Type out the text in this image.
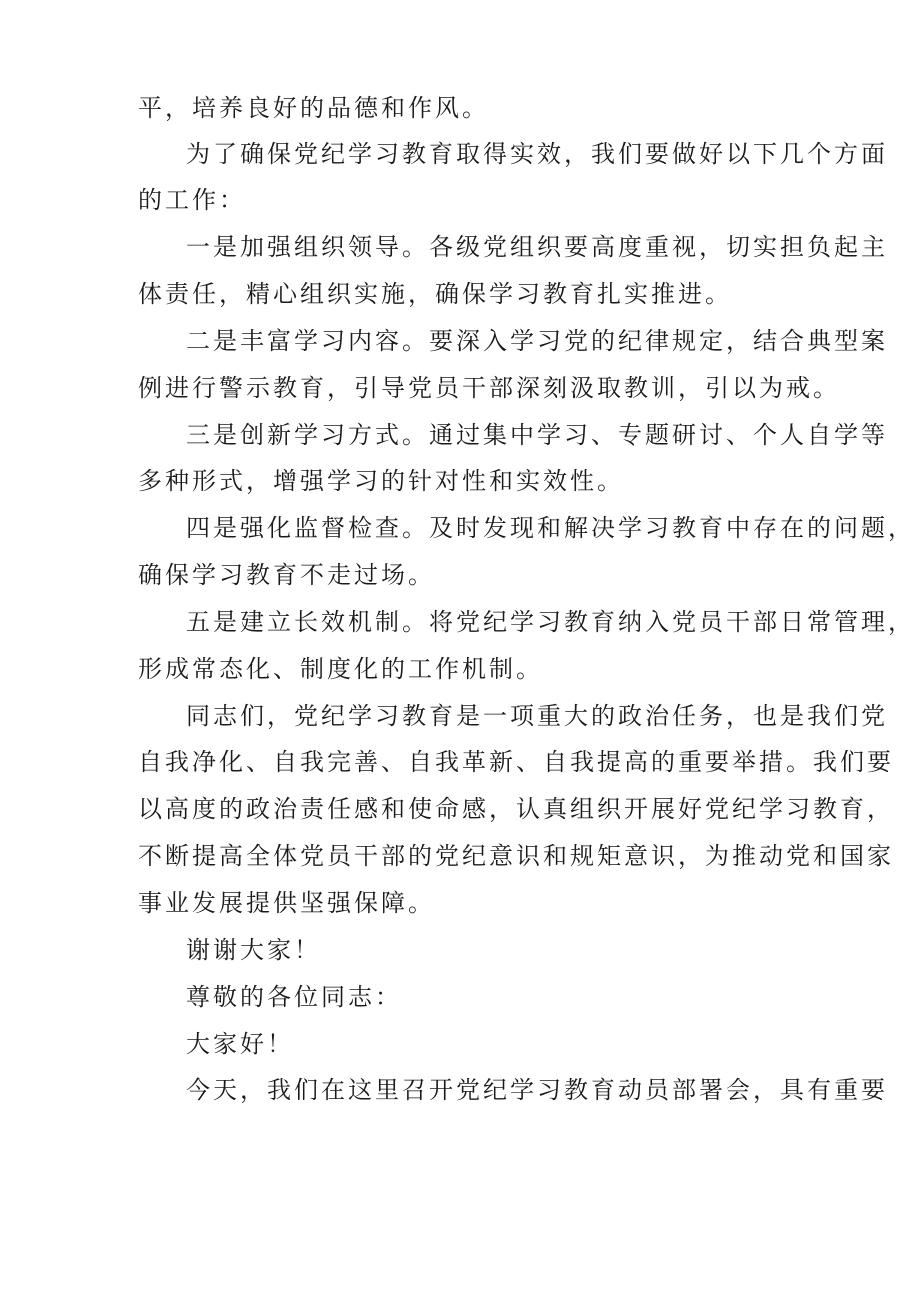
平，培养良好的品德和作风。
为了确保党纪学习教育取得实效，我们要做好以下几个方面
的工作：
一是加强组织领导。各级党组织要高度重视，切实担负起主
体责任，精心组织实施，确保学习教育扎实推进。
二是丰富学习内容。要深入学习党的纪律规定，结合典型案
例进行警示教育，引导党员干部深刻汲取教训，引以为戒。
三是创新学习方式。通过集中学习、专题研讨、个人自学等
多种形式，增强学习的针对性和实效性。
四是强化监督检查。及时发现和解决学习教育中存在的问题，
确保学习教育不走过场。
五是建立长效机制。将党纪学习教育纳入党员干部日常管理，
形成常态化、制度化的工作机制。
同志们，党纪学习教育是一项重大的政治任务，也是我们党
自我净化、自我完善、自我革新、自我提高的重要举措。我们要
以高度的政治责任感和使命感，认真组织开展好党纪学习教育，
不断提高全体党员干部的党纪意识和规矩意识，为推动党和国家
事业发展提供坚强保障。
谢谢大家！
尊敬的各位同志：
大家好！
今天，我们在这里召开党纪学习教育动员部署会，具有重要
